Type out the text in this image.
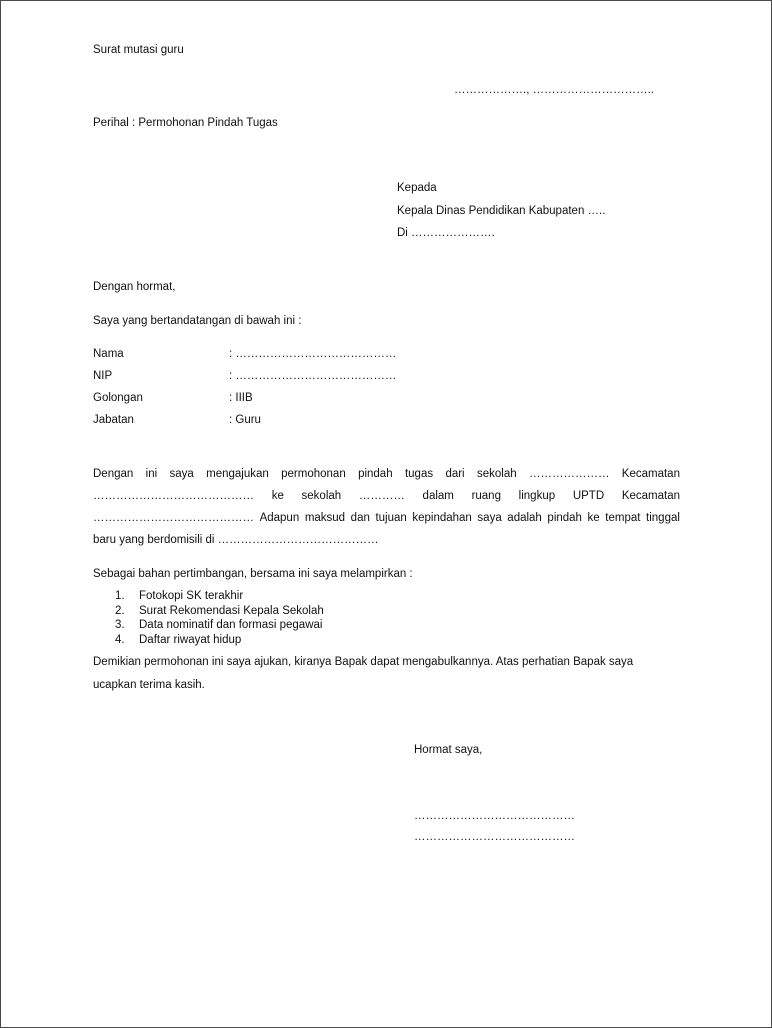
Surat mutasi guru
………………., …………………………..
Perihal : Permohonan Pindah Tugas
Kepada
Kepala Dinas Pendidikan Kabupaten …..
Di ………………….
Dengan hormat,
Saya yang bertandatangan di bawah ini :
Nama	: ……………………………………
NIP	: ……………………………………
Golongan	: IIIB
Jabatan	: Guru
Dengan ini saya mengajukan permohonan pindah tugas dari sekolah ………………… Kecamatan
…………………………………… ke sekolah ………… dalam ruang lingkup UPTD Kecamatan
…………………………………… Adapun maksud dan tujuan kepindahan saya adalah pindah ke tempat tinggal
baru yang berdomisili di ……………………………………
Sebagai bahan pertimbangan, bersama ini saya melampirkan :
1.	Fotokopi SK terakhir
2.	Surat Rekomendasi Kepala Sekolah
3.	Data nominatif dan formasi pegawai
4.	Daftar riwayat hidup
Demikian permohonan ini saya ajukan, kiranya Bapak dapat mengabulkannya. Atas perhatian Bapak saya
ucapkan terima kasih.
Hormat saya,
……………………………………
……………………………………
